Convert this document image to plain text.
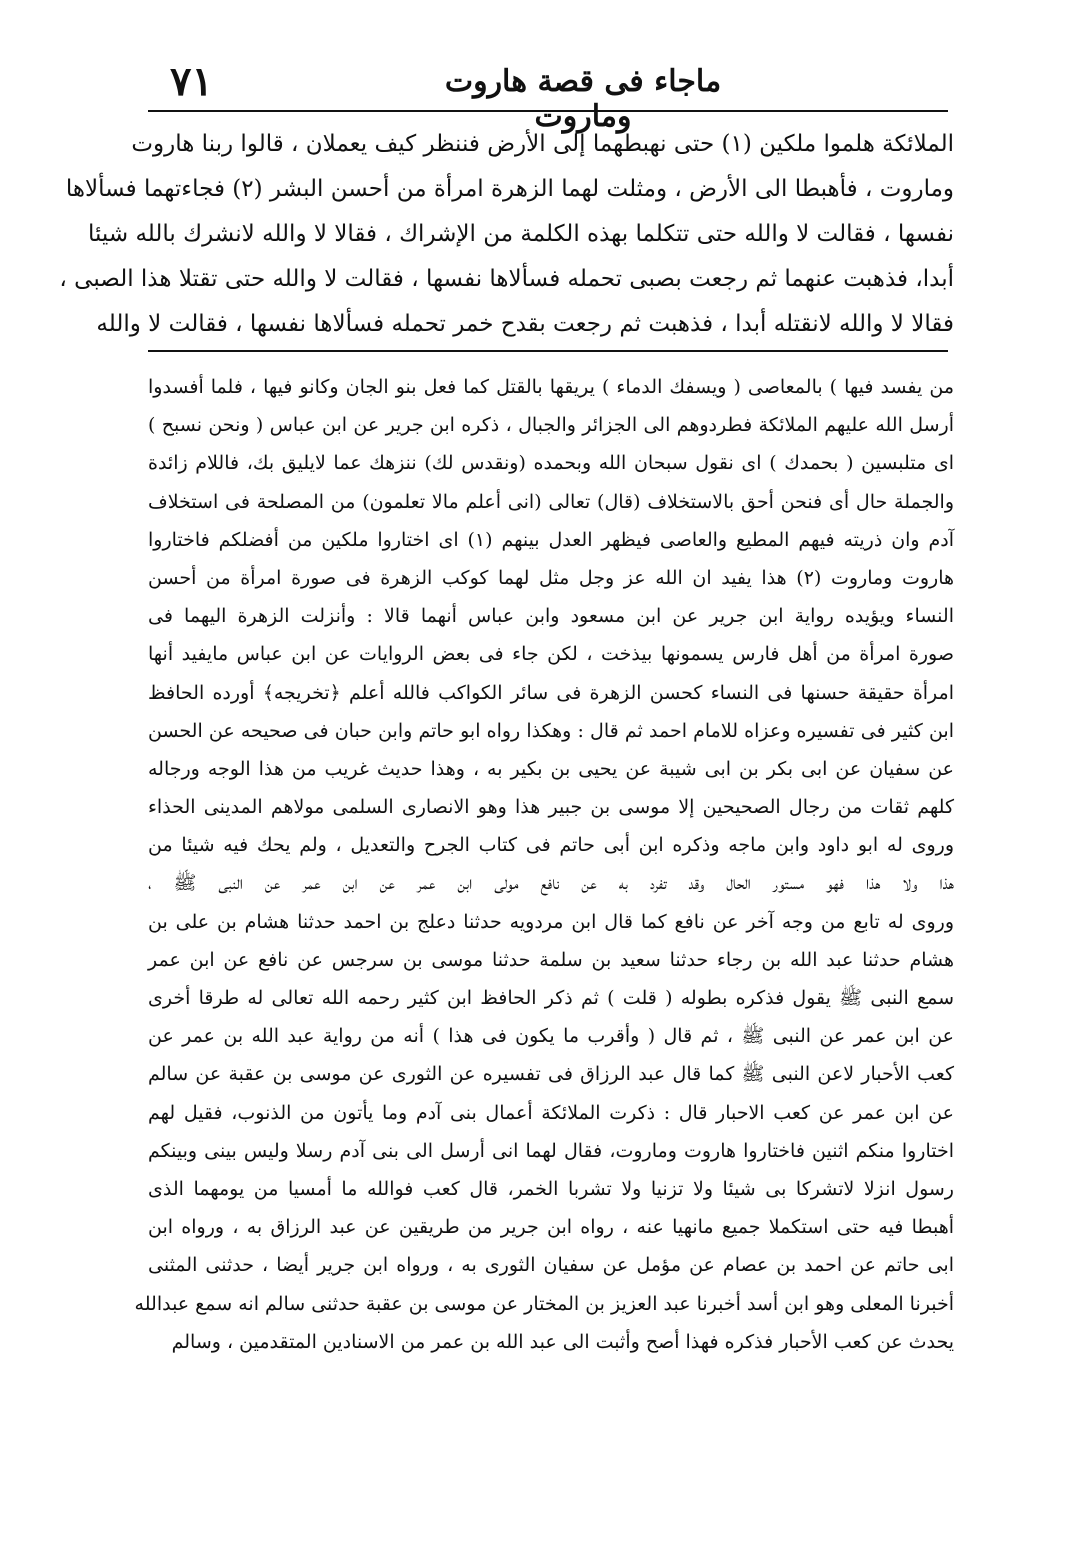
٧١	ماجاء فى قصة هاروت وماروت
الملائكة هلموا ملكين (١) حتى نهبطهما إلى الأرض فننظر كيف يعملان ، قالوا ربنا هاروت
وماروت ، فأهبطا الى الأرض ، ومثلت لهما الزهرة امرأة من أحسن البشر (٢) فجاءتهما فسألاها
نفسها ، فقالت لا والله حتى تتكلما بهذه الكلمة من الإشراك ، فقالا لا والله لانشرك بالله شيئا
أبدا، فذهبت عنهما ثم رجعت بصبى تحمله فسألاها نفسها ، فقالت لا والله حتى تقتلا هذا الصبى ،
فقالا لا والله لانقتله أبدا ، فذهبت ثم رجعت بقدح خمر تحمله فسألاها نفسها ، فقالت لا والله
من يفسد فيها ) بالمعاصى ( ويسفك الدماء ) يريقها بالقتل كما فعل بنو الجان وكانو فيها ، فلما أفسدوا
أرسل الله عليهم الملائكة فطردوهم الى الجزائر والجبال ، ذكره ابن جرير عن ابن عباس ( ونحن نسبح )
اى متلبسين ( بحمدك ) اى نقول سبحان الله وبحمده (ونقدس لك) ننزهك عما لايليق بك، فاللام زائدة
والجملة حال أى فنحن أحق بالاستخلاف (قال) تعالى (انى أعلم مالا تعلمون) من المصلحة فى استخلاف
آدم وان ذريته فيهم المطيع والعاصى فيظهر العدل بينهم (١) اى اختاروا ملكين من أفضلكم فاختاروا
هاروت وماروت (٢) هذا يفيد ان الله عز وجل مثل لهما كوكب الزهرة فى صورة امرأة من أحسن
النساء ويؤيده رواية ابن جرير عن ابن مسعود وابن عباس أنهما قالا : وأنزلت الزهرة اليهما فى
صورة امرأة من أهل فارس يسمونها بيذخت ، لكن جاء فى بعض الروايات عن ابن عباس مايفيد أنها
امرأة حقيقة حسنها فى النساء كحسن الزهرة فى سائر الكواكب فالله أعلم ﴿تخريجه﴾ أورده الحافظ
ابن كثير فى تفسيره وعزاه للامام احمد ثم قال : وهكذا رواه ابو حاتم وابن حبان فى صحيحه عن الحسن
عن سفيان عن ابى بكر بن ابى شيبة عن يحيى بن بكير به ، وهذا حديث غريب من هذا الوجه ورجاله
كلهم ثقات من رجال الصحيحين إلا موسى بن جبير هذا وهو الانصارى السلمى مولاهم المدينى الحذاء
وروى له ابو داود وابن ماجه وذكره ابن أبى حاتم فى كتاب الجرح والتعديل ، ولم يحك فيه شيئا من
هذا ولا هذا فهو مستور الحال وقد تفرد به عن نافع مولى ابن عمر عن ابن عمر عن النبى ﷺ ،
وروى له تابع من وجه آخر عن نافع كما قال ابن مردويه حدثنا دعلج بن احمد حدثنا هشام بن على بن
هشام حدثنا عبد الله بن رجاء حدثنا سعيد بن سلمة حدثنا موسى بن سرجس عن نافع عن ابن عمر
سمع النبى ﷺ يقول فذكره بطوله ( قلت ) ثم ذكر الحافظ ابن كثير رحمه الله تعالى له طرقا أخرى
عن ابن عمر عن النبى ﷺ ، ثم قال ( وأقرب ما يكون فى هذا ) أنه من رواية عبد الله بن عمر عن
كعب الأحبار لاعن النبى ﷺ كما قال عبد الرزاق فى تفسيره عن الثورى عن موسى بن عقبة عن سالم
عن ابن عمر عن كعب الاحبار قال : ذكرت الملائكة أعمال بنى آدم وما يأتون من الذنوب، فقيل لهم
اختاروا منكم اثنين فاختاروا هاروت وماروت، فقال لهما انى أرسل الى بنى آدم رسلا وليس بينى وبينكم
رسول انزلا لاتشركا بى شيئا ولا تزنيا ولا تشربا الخمر، قال كعب فوالله ما أمسيا من يومهما الذى
أهبطا فيه حتى استكملا جميع مانهيا عنه ، رواه ابن جرير من طريقين عن عبد الرزاق به ، ورواه ابن
ابى حاتم عن احمد بن عصام عن مؤمل عن سفيان الثورى به ، ورواه ابن جرير أيضا ، حدثنى المثنى
أخبرنا المعلى وهو ابن أسد أخبرنا عبد العزيز بن المختار عن موسى بن عقبة حدثنى سالم انه سمع عبدالله
يحدث عن كعب الأحبار فذكره فهذا أصح وأثبت الى عبد الله بن عمر من الاسنادين المتقدمين ، وسالم
